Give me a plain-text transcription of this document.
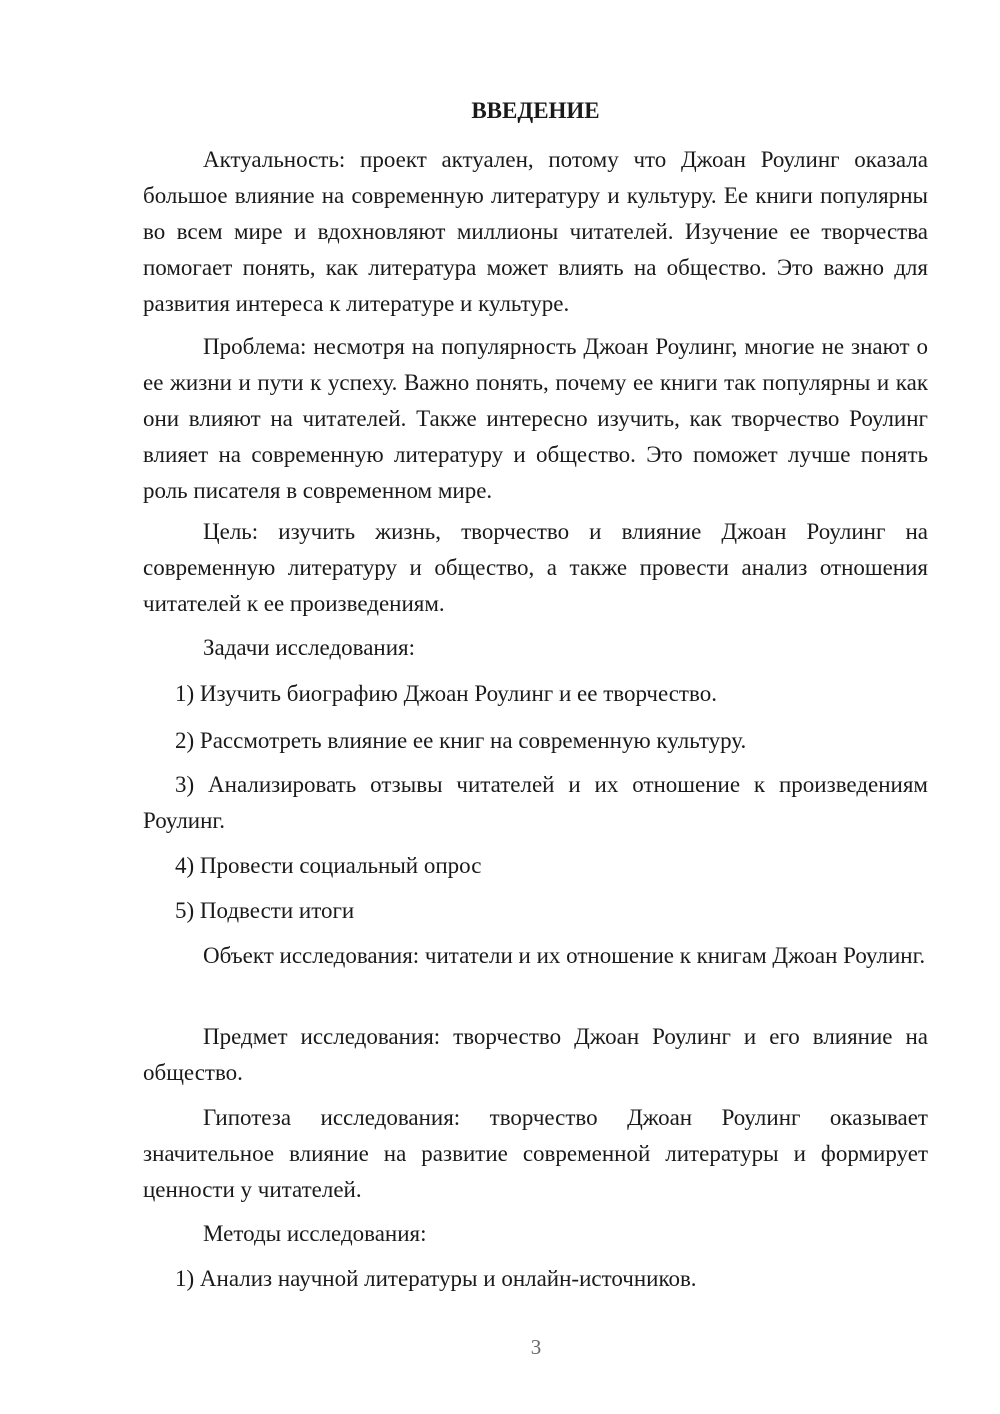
ВВЕДЕНИЕ

Актуальность: проект актуален, потому что Джоан Роулинг оказала большое влияние на современную литературу и культуру. Ее книги популярны во всем мире и вдохновляют миллионы читателей. Изучение ее творчества помогает понять, как литература может влиять на общество. Это важно для развития интереса к литературе и культуре.

Проблема: несмотря на популярность Джоан Роулинг, многие не знают о ее жизни и пути к успеху. Важно понять, почему ее книги так популярны и как они влияют на читателей. Также интересно изучить, как творчество Роулинг влияет на современную литературу и общество. Это поможет лучше понять роль писателя в современном мире.

Цель: изучить жизнь, творчество и влияние Джоан Роулинг на современную литературу и общество, а также провести анализ отношения читателей к ее произведениям.

Задачи исследования:

1) Изучить биографию Джоан Роулинг и ее творчество.

2) Рассмотреть влияние ее книг на современную культуру.

3) Анализировать отзывы читателей и их отношение к произведениям Роулинг.

4) Провести социальный опрос

5) Подвести итоги

Объект исследования: читатели и их отношение к книгам Джоан Роулинг.

Предмет исследования: творчество Джоан Роулинг и его влияние на общество.

Гипотеза исследования: творчество Джоан Роулинг оказывает значительное влияние на развитие современной литературы и формирует ценности у читателей.

Методы исследования:

1) Анализ научной литературы и онлайн-источников.

3
